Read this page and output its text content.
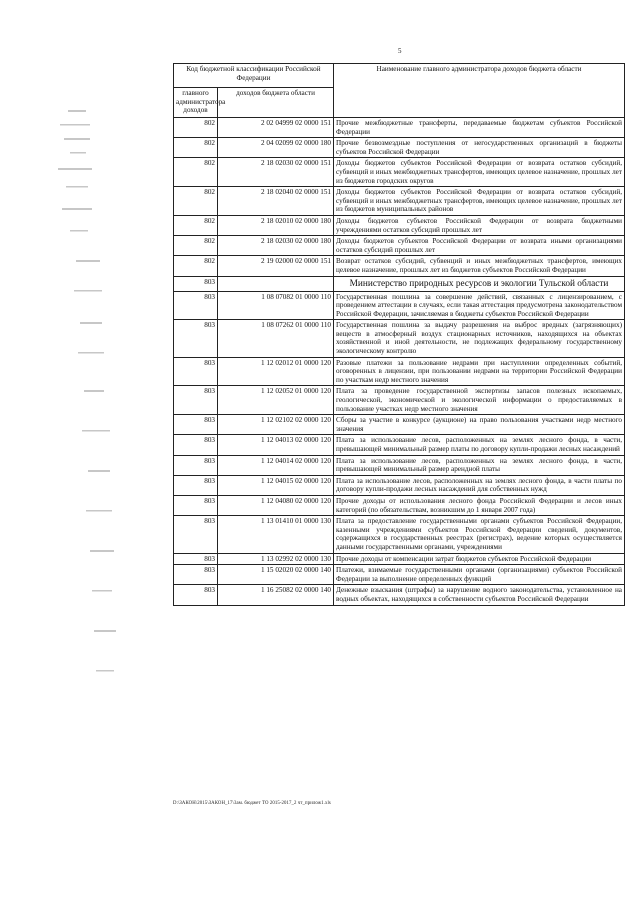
5
Код бюджетной классификации Российской Федерации		Наименование главного администратора доходов бюджета области
главного администратора доходов	доходов бюджета области	
802	2 02 04999 02 0000 151	Прочие межбюджетные трансферты, передаваемые бюджетам субъектов Российской Федерации
802	2 04 02099 02 0000 180	Прочие безвозмездные поступления от негосударственных организаций в бюджеты субъектов Российской Федерации
802	2 18 02030 02 0000 151	Доходы бюджетов субъектов Российской Федерации от возврата остатков субсидий, субвенций и иных межбюджетных трансфертов, имеющих целевое назначение, прошлых лет из бюджетов городских округов
802	2 18 02040 02 0000 151	Доходы бюджетов субъектов Российской Федерации от возврата остатков субсидий, субвенций и иных межбюджетных трансфертов, имеющих целевое назначение, прошлых лет из бюджетов муниципальных районов
802	2 18 02010 02 0000 180	Доходы бюджетов субъектов Российской Федерации от возврата бюджетными учреждениями остатков субсидий прошлых лет
802	2 18 02030 02 0000 180	Доходы бюджетов субъектов Российской Федерации от возврата иными организациями остатков субсидий прошлых лет
802	2 19 02000 02 0000 151	Возврат остатков субсидий, субвенций и иных межбюджетных трансфертов, имеющих целевое назначение, прошлых лет из бюджетов субъектов Российской Федерации
803		Министерство природных ресурсов и экологии Тульской области
803	1 08 07082 01 0000 110	Государственная пошлина за совершение действий, связанных с лицензированием, с проведением аттестации в случаях, если такая аттестация предусмотрена законодательством Российской Федерации, зачисляемая в бюджеты субъектов Российской Федерации
803	1 08 07262 01 0000 110	Государственная пошлина за выдачу разрешения на выброс вредных (загрязняющих) веществ в атмосферный воздух стационарных источников, находящихся на объектах хозяйственной и иной деятельности, не подлежащих федеральному государственному экологическому контролю
803	1 12 02012 01 0000 120	Разовые платежи за пользование недрами при наступлении определенных событий, оговоренных в лицензии, при пользовании недрами на территории Российской Федерации по участкам недр местного значения
803	1 12 02052 01 0000 120	Плата за проведение государственной экспертизы запасов полезных ископаемых, геологической, экономической и экологической информации о предоставляемых в пользование участках недр местного значения
803	1 12 02102 02 0000 120	Сборы за участие в конкурсе (аукционе) на право пользования участками недр местного значения
803	1 12 04013 02 0000 120	Плата за использование лесов, расположенных на землях лесного фонда, в части, превышающей минимальный размер платы по договору купли-продажи лесных насаждений
803	1 12 04014 02 0000 120	Плата за использование лесов, расположенных на землях лесного фонда, в части, превышающей минимальный размер арендной платы
803	1 12 04015 02 0000 120	Плата за использование лесов, расположенных на землях лесного фонда, в части платы по договору купли-продажи лесных насаждений для собственных нужд
803	1 12 04080 02 0000 120	Прочие доходы от использования лесного фонда Российской Федерации и лесов иных категорий (по обязательствам, возникшим до 1 января 2007 года)
803	1 13 01410 01 0000 130	Плата за предоставление государственными органами субъектов Российской Федерации, казенными учреждениями субъектов Российской Федерации сведений, документов, содержащихся в государственных реестрах (регистрах), ведение которых осуществляется данными государственными органами, учреждениями
803	1 13 02992 02 0000 130	Прочие доходы от компенсации затрат бюджетов субъектов Российской Федерации
803	1 15 02020 02 0000 140	Платежи, взимаемые государственными органами (организациями) субъектов Российской Федерации за выполнение определенных функций
803	1 16 25082 02 0000 140	Денежные взыскания (штрафы) за нарушение водного законодательства, установленное на водных объектах, находящихся в собственности субъектов Российской Федерации
D:\ЗАКОН\2015\ЗАКОН_17\3ам. бюджет ТО 2015-2017_2 чт_прилож1.xls
